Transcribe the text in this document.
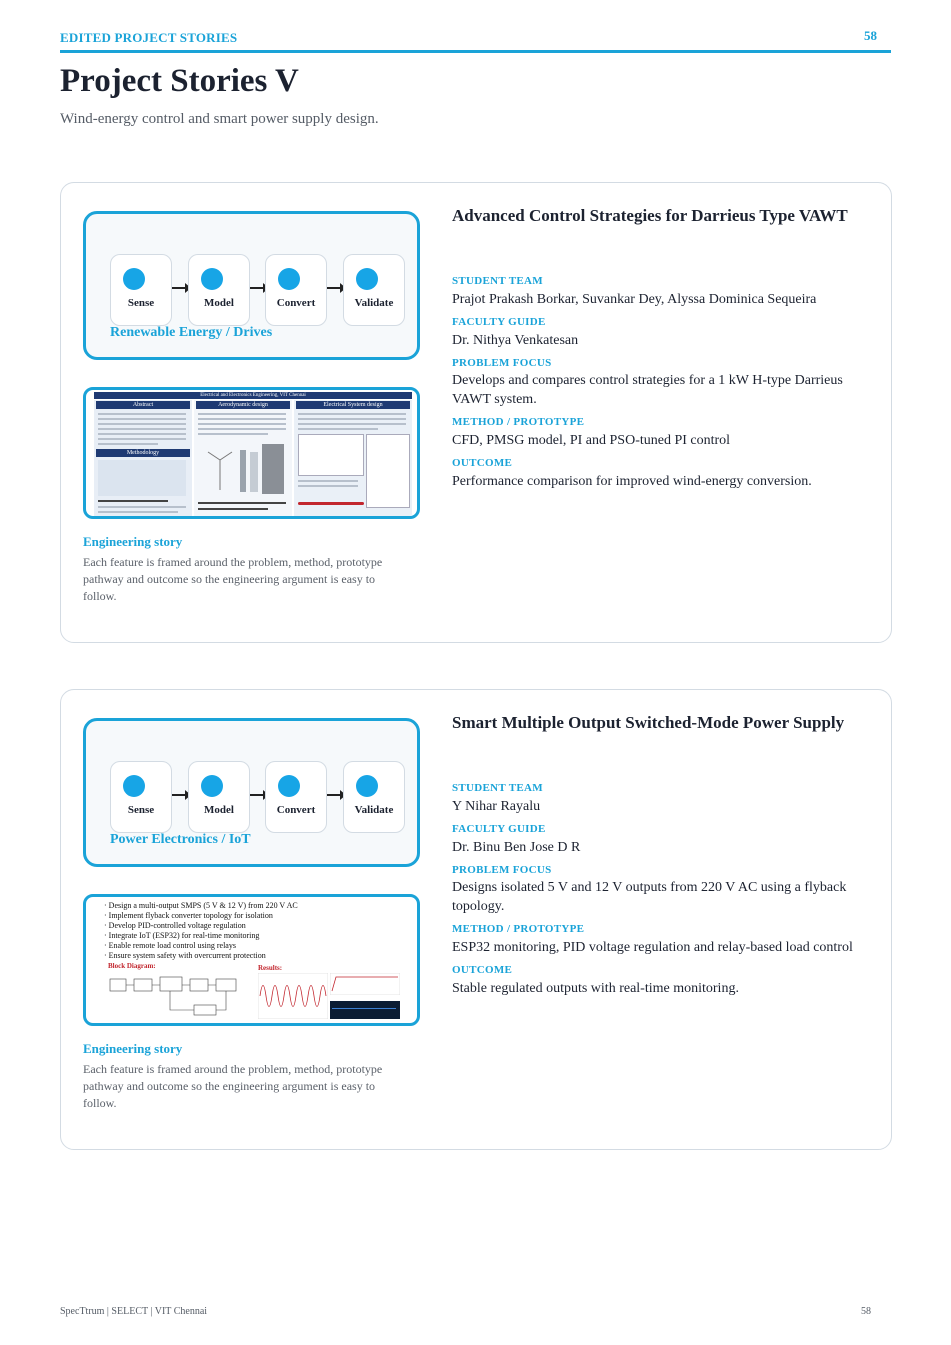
EDITED PROJECT STORIES	58
Project Stories V
Wind-energy control and smart power supply design.
Sense	Model	Convert	Validate
Renewable Energy / Drives
Electrical and Electronics Engineering, VIT Chennai
Abstract
Methodology
Aerodynamic design	Electrical System design
Engineering story
Each feature is framed around the problem, method, prototype pathway and outcome so the engineering argument is easy to follow.
Advanced Control Strategies for Darrieus Type VAWT
STUDENT TEAM
Prajot Prakash Borkar, Suvankar Dey, Alyssa Dominica Sequeira
FACULTY GUIDE
Dr. Nithya Venkatesan
PROBLEM FOCUS
Develops and compares control strategies for a 1 kW H-type Darrieus VAWT system.
METHOD / PROTOTYPE
CFD, PMSG model, PI and PSO-tuned PI control
OUTCOME
Performance comparison for improved wind-energy conversion.
Sense	Model	Convert	Validate
Power Electronics / IoT
· Design a multi-output SMPS (5 V & 12 V) from 220 V AC
· Implement flyback converter topology for isolation
· Develop PID-controlled voltage regulation
· Integrate IoT (ESP32) for real-time monitoring
· Enable remote load control using relays
· Ensure system safety with overcurrent protection
Block Diagram:	Results:
Engineering story
Each feature is framed around the problem, method, prototype pathway and outcome so the engineering argument is easy to follow.
Smart Multiple Output Switched-Mode Power Supply
STUDENT TEAM
Y Nihar Rayalu
FACULTY GUIDE
Dr. Binu Ben Jose D R
PROBLEM FOCUS
Designs isolated 5 V and 12 V outputs from 220 V AC using a flyback topology.
METHOD / PROTOTYPE
ESP32 monitoring, PID voltage regulation and relay-based load control
OUTCOME
Stable regulated outputs with real-time monitoring.
SpecTtrum | SELECT | VIT Chennai	58
